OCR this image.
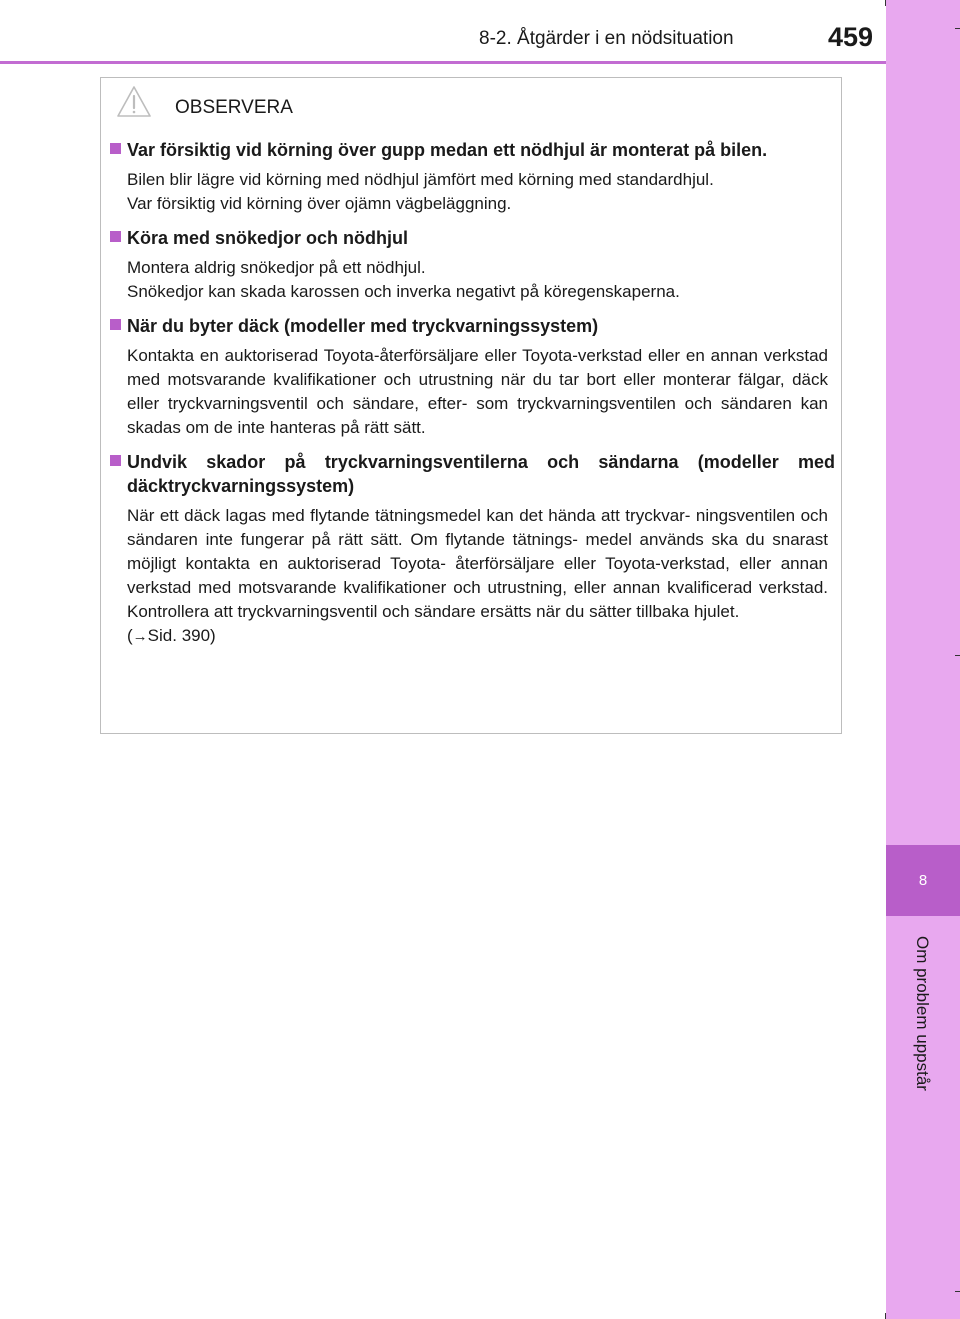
8
Om problem uppstår
8-2. Åtgärder i en nödsituation	459
OBSERVERA
Var försiktig vid körning över gupp medan ett nödhjul är monterat på bilen.
Bilen blir lägre vid körning med nödhjul jämfört med körning med standardhjul.
Var försiktig vid körning över ojämn vägbeläggning.
Köra med snökedjor och nödhjul
Montera aldrig snökedjor på ett nödhjul.
Snökedjor kan skada karossen och inverka negativt på köregenskaperna.
När du byter däck (modeller med tryckvarningssystem)
Kontakta en auktoriserad Toyota-återförsäljare eller Toyota-verkstad eller en annan verkstad med motsvarande kvalifikationer och utrustning när du tar bort eller monterar fälgar, däck eller tryckvarningsventil och sändare, efter- som tryckvarningsventilen och sändaren kan skadas om de inte hanteras på rätt sätt.
Undvik skador på tryckvarningsventilerna och sändarna (modeller med däcktryckvarningssystem)
När ett däck lagas med flytande tätningsmedel kan det hända att tryckvar- ningsventilen och sändaren inte fungerar på rätt sätt. Om flytande tätnings- medel används ska du snarast möjligt kontakta en auktoriserad Toyota- återförsäljare eller Toyota-verkstad, eller annan verkstad med motsvarande kvalifikationer och utrustning, eller annan kvalificerad verkstad. Kontrollera att tryckvarningsventil och sändare ersätts när du sätter tillbaka hjulet.
(→Sid. 390)
